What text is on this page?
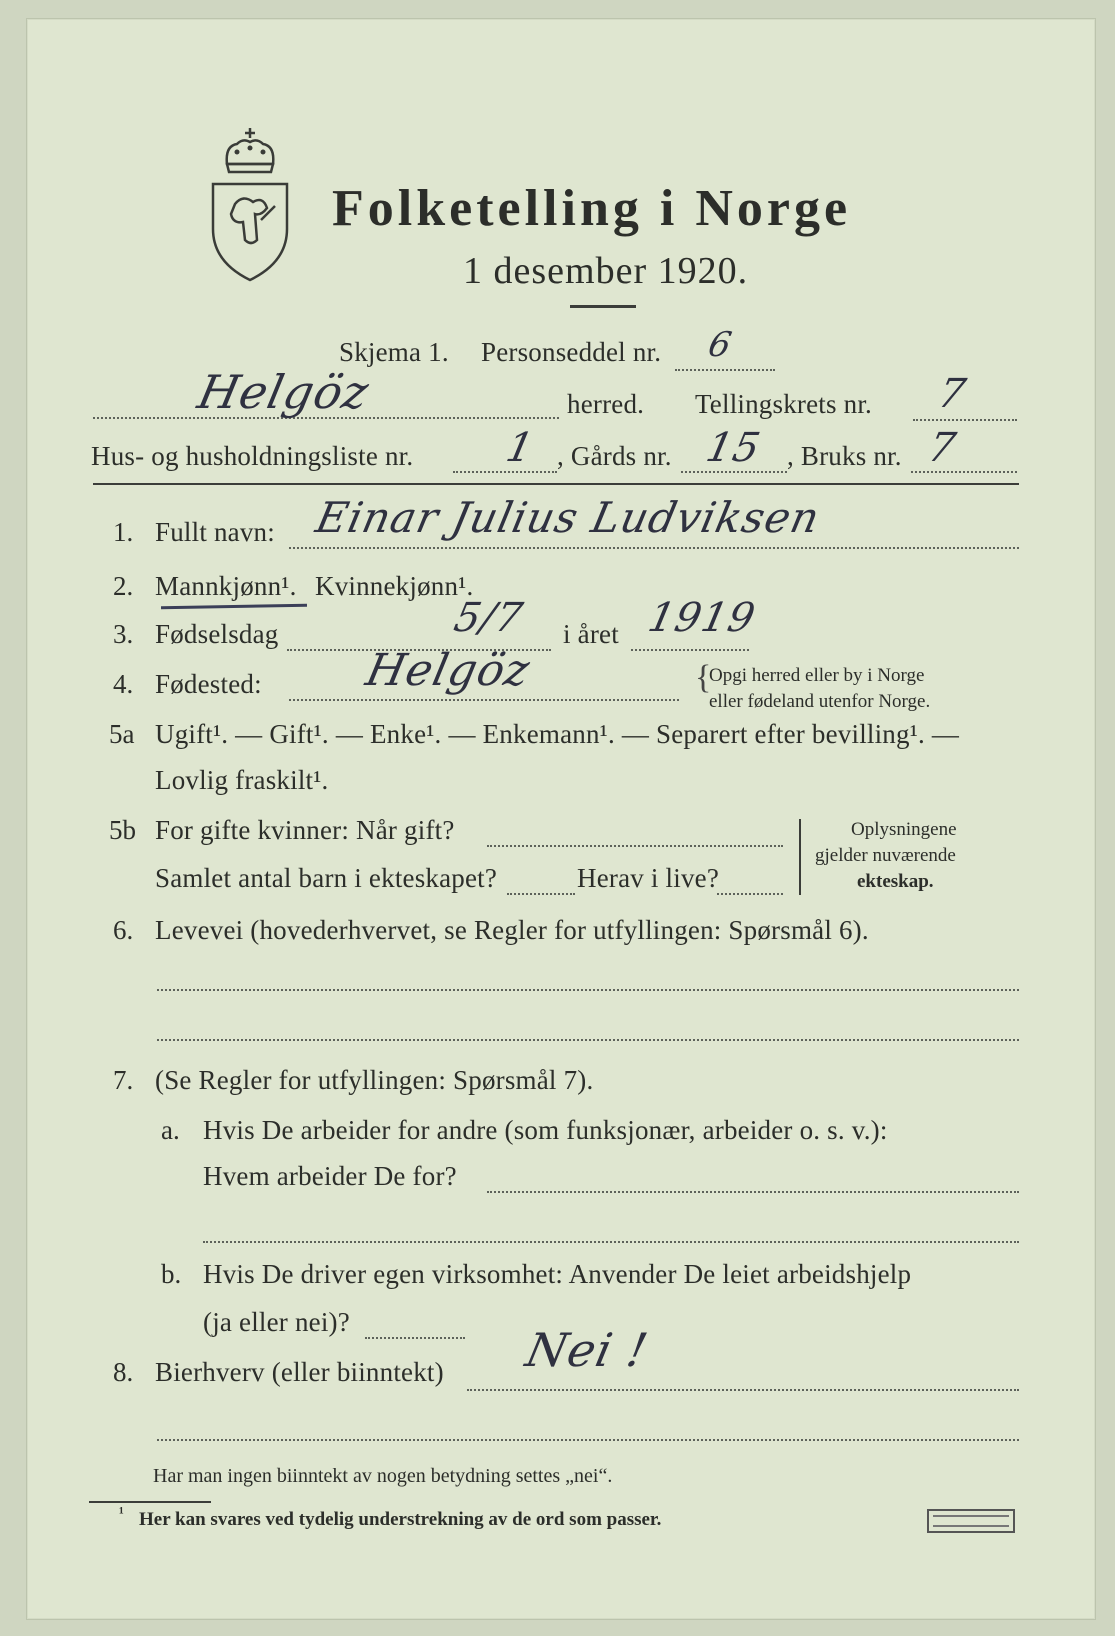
Folketelling i Norge
1 desember 1920.
Skjema 1. Personseddel nr. 6
Helgöz	herred. Tellingskrets nr. 7
Hus- og husholdningsliste nr. 1 , Gårds nr. 15 , Bruks nr. 7
1. Fullt navn: Einar Julius Ludviksen
2. Mannkjønn¹. Kvinnekjønn¹.
3. Fødselsdag	5/7 i året 1919
4. Fødested: Helgöz	{
Opgi herred eller by i Norge
eller fødeland utenfor Norge.
5a Ugift¹. — Gift¹. — Enke¹. — Enkemann¹. — Separert efter bevilling¹. —
Lovlig fraskilt¹.
5b For gifte kvinner: Når gift?
Samlet antal barn i ekteskapet?	Herav i live?
Oplysningene
gjelder nuværende
ekteskap.
6. Levevei (hovederhvervet, se Regler for utfyllingen: Spørsmål 6).
7. (Se Regler for utfyllingen: Spørsmål 7).
a. Hvis De arbeider for andre (som funksjonær, arbeider o. s. v.):
Hvem arbeider De for?
b. Hvis De driver egen virksomhet: Anvender De leiet arbeidshjelp
(ja eller nei)?
8. Bierhverv (eller biinntekt) Nei !
Har man ingen biinntekt av nogen betydning settes „nei“.
¹ Her kan svares ved tydelig understrekning av de ord som passer.
